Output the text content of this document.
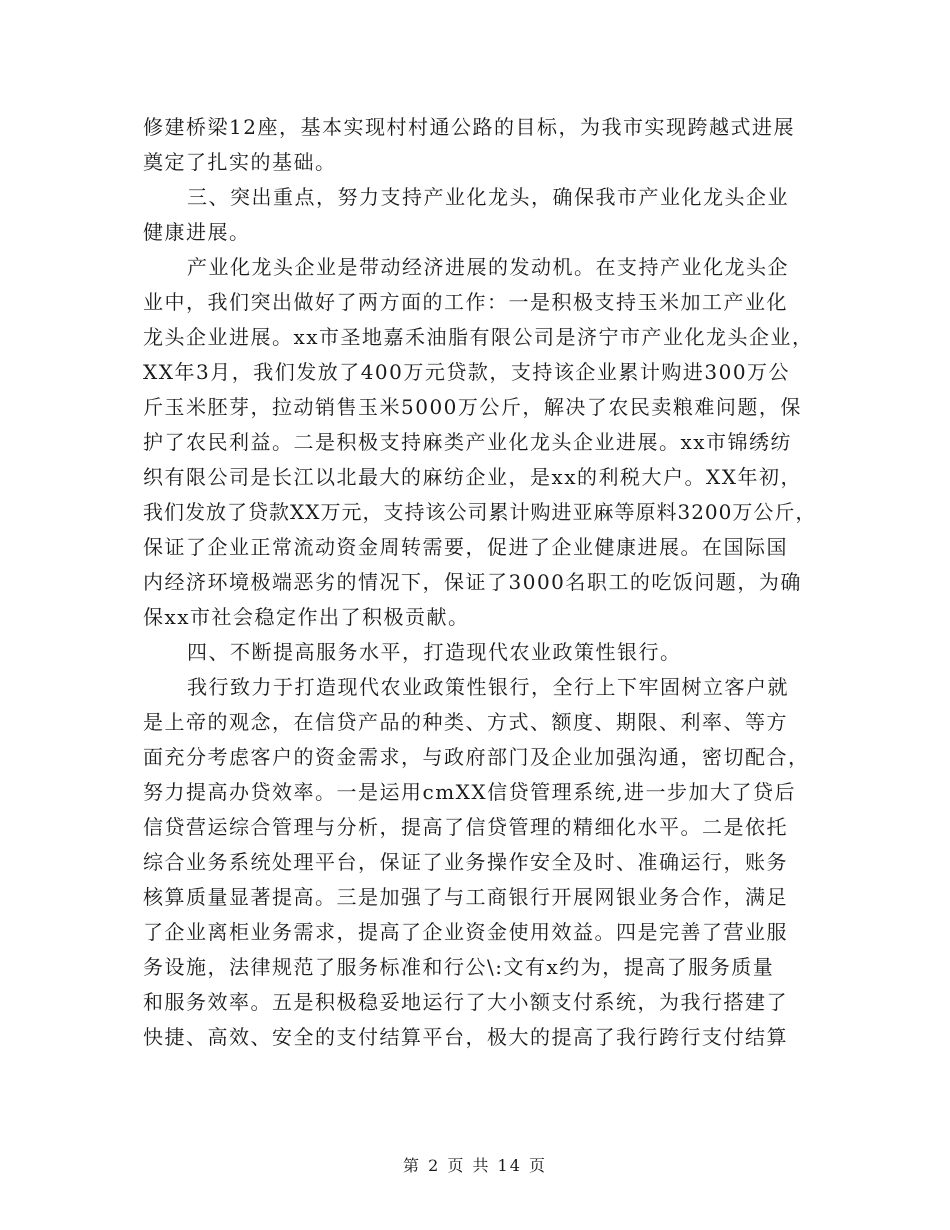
修建桥梁12座，基本实现村村通公路的目标，为我市实现跨越式进展
奠定了扎实的基础。
三、突出重点，努力支持产业化龙头，确保我市产业化龙头企业
健康进展。
产业化龙头企业是带动经济进展的发动机。在支持产业化龙头企
业中，我们突出做好了两方面的工作：一是积极支持玉米加工产业化
龙头企业进展。xx市圣地嘉禾油脂有限公司是济宁市产业化龙头企业，
XX年3月，我们发放了400万元贷款，支持该企业累计购进300万公
斤玉米胚芽，拉动销售玉米5000万公斤，解决了农民卖粮难问题，保
护了农民利益。二是积极支持麻类产业化龙头企业进展。xx市锦绣纺
织有限公司是长江以北最大的麻纺企业，是xx的利税大户。XX年初，
我们发放了贷款XX万元，支持该公司累计购进亚麻等原料3200万公斤，
保证了企业正常流动资金周转需要，促进了企业健康进展。在国际国
内经济环境极端恶劣的情况下，保证了3000名职工的吃饭问题，为确
保xx市社会稳定作出了积极贡献。
四、不断提高服务水平，打造现代农业政策性银行。
我行致力于打造现代农业政策性银行，全行上下牢固树立客户就
是上帝的观念，在信贷产品的种类、方式、额度、期限、利率、等方
面充分考虑客户的资金需求，与政府部门及企业加强沟通，密切配合，
努力提高办贷效率。一是运用cmXX信贷管理系统,进一步加大了贷后
信贷营运综合管理与分析，提高了信贷管理的精细化水平。二是依托
综合业务系统处理平台，保证了业务操作安全及时、准确运行，账务
核算质量显著提高。三是加强了与工商银行开展网银业务合作，满足
了企业离柜业务需求，提高了企业资金使用效益。四是完善了营业服
务设施，法律规范了服务标准和行公\:文有x约为，提高了服务质量
和服务效率。五是积极稳妥地运行了大小额支付系统，为我行搭建了
快捷、高效、安全的支付结算平台，极大的提高了我行跨行支付结算
第 2 页 共 14 页
